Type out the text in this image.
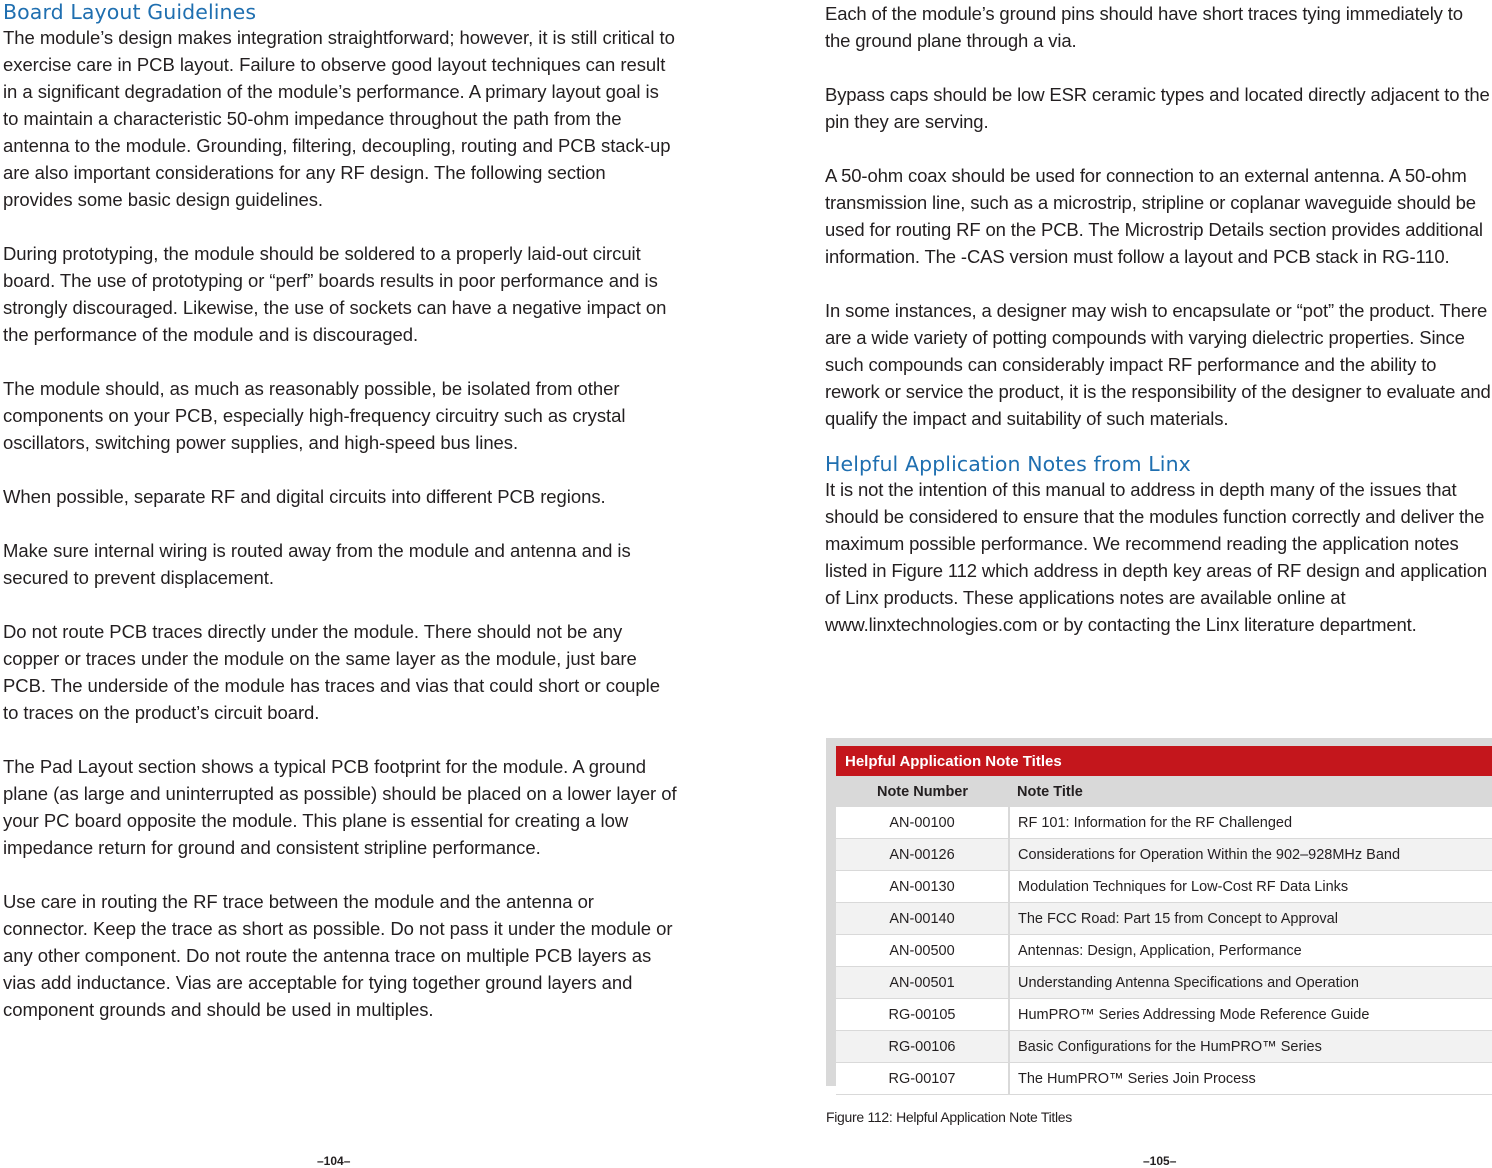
Board Layout Guidelines

The module’s design makes integration straightforward; however, it is still critical to exercise care in PCB layout. Failure to observe good layout techniques can result in a significant degradation of the module’s performance. A primary layout goal is to maintain a characteristic 50-ohm impedance throughout the path from the antenna to the module. Grounding, filtering, decoupling, routing and PCB stack-up are also important considerations for any RF design. The following section provides some basic design guidelines.

During prototyping, the module should be soldered to a properly laid-out circuit board. The use of prototyping or “perf” boards results in poor performance and is strongly discouraged. Likewise, the use of sockets can have a negative impact on the performance of the module and is discouraged.

The module should, as much as reasonably possible, be isolated from other components on your PCB, especially high-frequency circuitry such as crystal oscillators, switching power supplies, and high-speed bus lines.

When possible, separate RF and digital circuits into different PCB regions.

Make sure internal wiring is routed away from the module and antenna and is secured to prevent displacement.

Do not route PCB traces directly under the module. There should not be any copper or traces under the module on the same layer as the module, just bare PCB. The underside of the module has traces and vias that could short or couple to traces on the product’s circuit board.

The Pad Layout section shows a typical PCB footprint for the module. A ground plane (as large and uninterrupted as possible) should be placed on a lower layer of your PC board opposite the module. This plane is essential for creating a low impedance return for ground and consistent stripline performance.

Use care in routing the RF trace between the module and the antenna or connector. Keep the trace as short as possible. Do not pass it under the module or any other component. Do not route the antenna trace on multiple PCB layers as vias add inductance. Vias are acceptable for tying together ground layers and component grounds and should be used in multiples.

–104–

Each of the module’s ground pins should have short traces tying immediately to the ground plane through a via.

Bypass caps should be low ESR ceramic types and located directly adjacent to the pin they are serving.

A 50-ohm coax should be used for connection to an external antenna. A 50-ohm transmission line, such as a microstrip, stripline or coplanar waveguide should be used for routing RF on the PCB. The Microstrip Details section provides additional information. The -CAS version must follow a layout and PCB stack in RG-110.

In some instances, a designer may wish to encapsulate or “pot” the product. There are a wide variety of potting compounds with varying dielectric properties. Since such compounds can considerably impact RF performance and the ability to rework or service the product, it is the responsibility of the designer to evaluate and qualify the impact and suitability of such materials.

Helpful Application Notes from Linx

It is not the intention of this manual to address in depth many of the issues that should be considered to ensure that the modules function correctly and deliver the maximum possible performance. We recommend reading the application notes listed in Figure 112 which address in depth key areas of RF design and application of Linx products. These applications notes are available online at www.linxtechnologies.com or by contacting the Linx literature department.

Helpful Application Note Titles	
Note Number	Note Title
AN-00100	RF 101: Information for the RF Challenged
AN-00126	Considerations for Operation Within the 902–928MHz Band
AN-00130	Modulation Techniques for Low-Cost RF Data Links
AN-00140	The FCC Road: Part 15 from Concept to Approval
AN-00500	Antennas: Design, Application, Performance
AN-00501	Understanding Antenna Specifications and Operation
RG-00105	HumPRO™ Series Addressing Mode Reference Guide
RG-00106	Basic Configurations for the HumPRO™ Series
RG-00107	The HumPRO™ Series Join Process
Figure 112: Helpful Application Note Titles
–105–
